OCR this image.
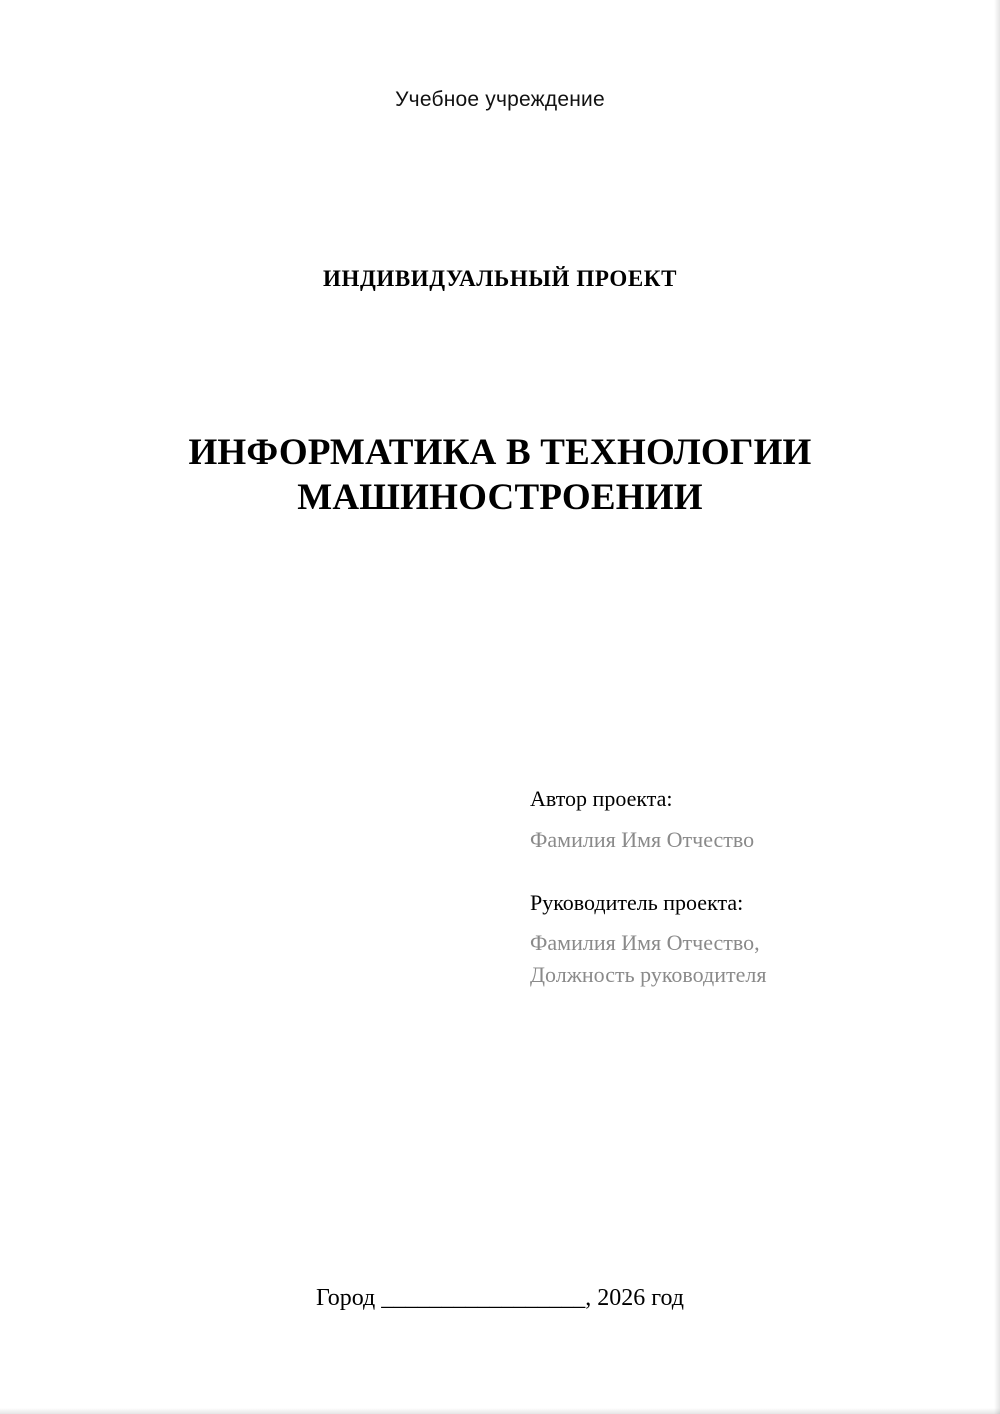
Учебное учреждение
ИНДИВИДУАЛЬНЫЙ ПРОЕКТ
ИНФОРМАТИКА В ТЕХНОЛОГИИ
МАШИНОСТРОЕНИИ
Автор проекта:
Фамилия Имя Отчество
Руководитель проекта:
Фамилия Имя Отчество,
Должность руководителя
Город _________________, 2026 год
